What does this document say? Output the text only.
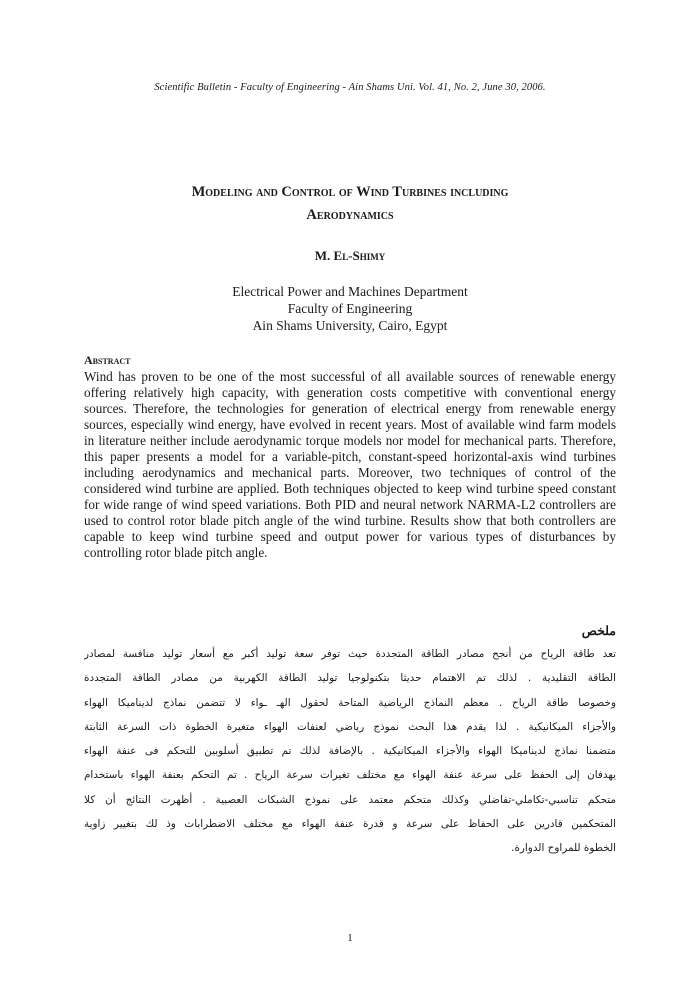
Scientific Bulletin - Faculty of Engineering - Ain Shams Uni. Vol. 41, No. 2, June 30, 2006.
Modeling and Control of Wind Turbines including
Aerodynamics
M. El-Shimy
Electrical Power and Machines Department
Faculty of Engineering
Ain Shams University, Cairo, Egypt
Abstract
Wind has proven to be one of the most successful of all available sources of renewable energy offering relatively high capacity, with generation costs competitive with conventional energy sources. Therefore, the technologies for generation of electrical energy from renewable energy sources, especially wind energy, have evolved in recent years. Most of available wind farm models in literature neither include aerodynamic torque models nor model for mechanical parts. Therefore, this paper presents a model for a variable-pitch, constant-speed horizontal-axis wind turbines including aerodynamics and mechanical parts. Moreover, two techniques of control of the considered wind turbine are applied. Both techniques objected to keep wind turbine speed constant for wide range of wind speed variations. Both PID and neural network NARMA-L2 controllers are used to control rotor blade pitch angle of the wind turbine. Results show that both controllers are capable to keep wind turbine speed and output power for various types of disturbances by controlling rotor blade pitch angle.
ملخص
تعد طاقة الرياح من أنجح مصادر الطاقة المتجددة حيث توفر سعة توليد أكبر مع أسعار توليد منافسة لمصادر
الطاقة التقليدية . لذلك تم الاهتمام حديثا بتكنولوجيا توليد الطاقة الكهربية من مصادر الطاقة المتجددة
وخصوصا طاقة الرياح . معظم النماذج الرياضية المتاحة لحقول الهـ ـواء لا تتضمن نماذج لديناميكا الهواء
والأجزاء الميكانيكية . لذا يقدم هذا البحث نموذج رياضي لعنفات الهواء متغيرة الخطوة ذات السرعة الثابتة
متضمنا نماذج لديناميكا الهواء والأجزاء الميكانيكية . بالإضافة لذلك تم تطبيق أسلوبين للتحكم فى عنفة الهواء
يهدفان إلى الحفظ على سرعة عنفة الهواء مع مختلف تغيرات سرعة الرياح . تم التحكم بعنفة الهواء باستخدام
متحكم تناسبي-تكاملي-تفاضلي وكذلك متحكم معتمد على نموذج الشبكات العصبية . أظهرت النتائج أن كلا
المتحكمين قادرين على الحفاظ على سرعة و قدرة عنفة الهواء مع مختلف الاضطرابات وذ لك بتغيير زاوية
الخطوة للمراوح الدوارة.
1
